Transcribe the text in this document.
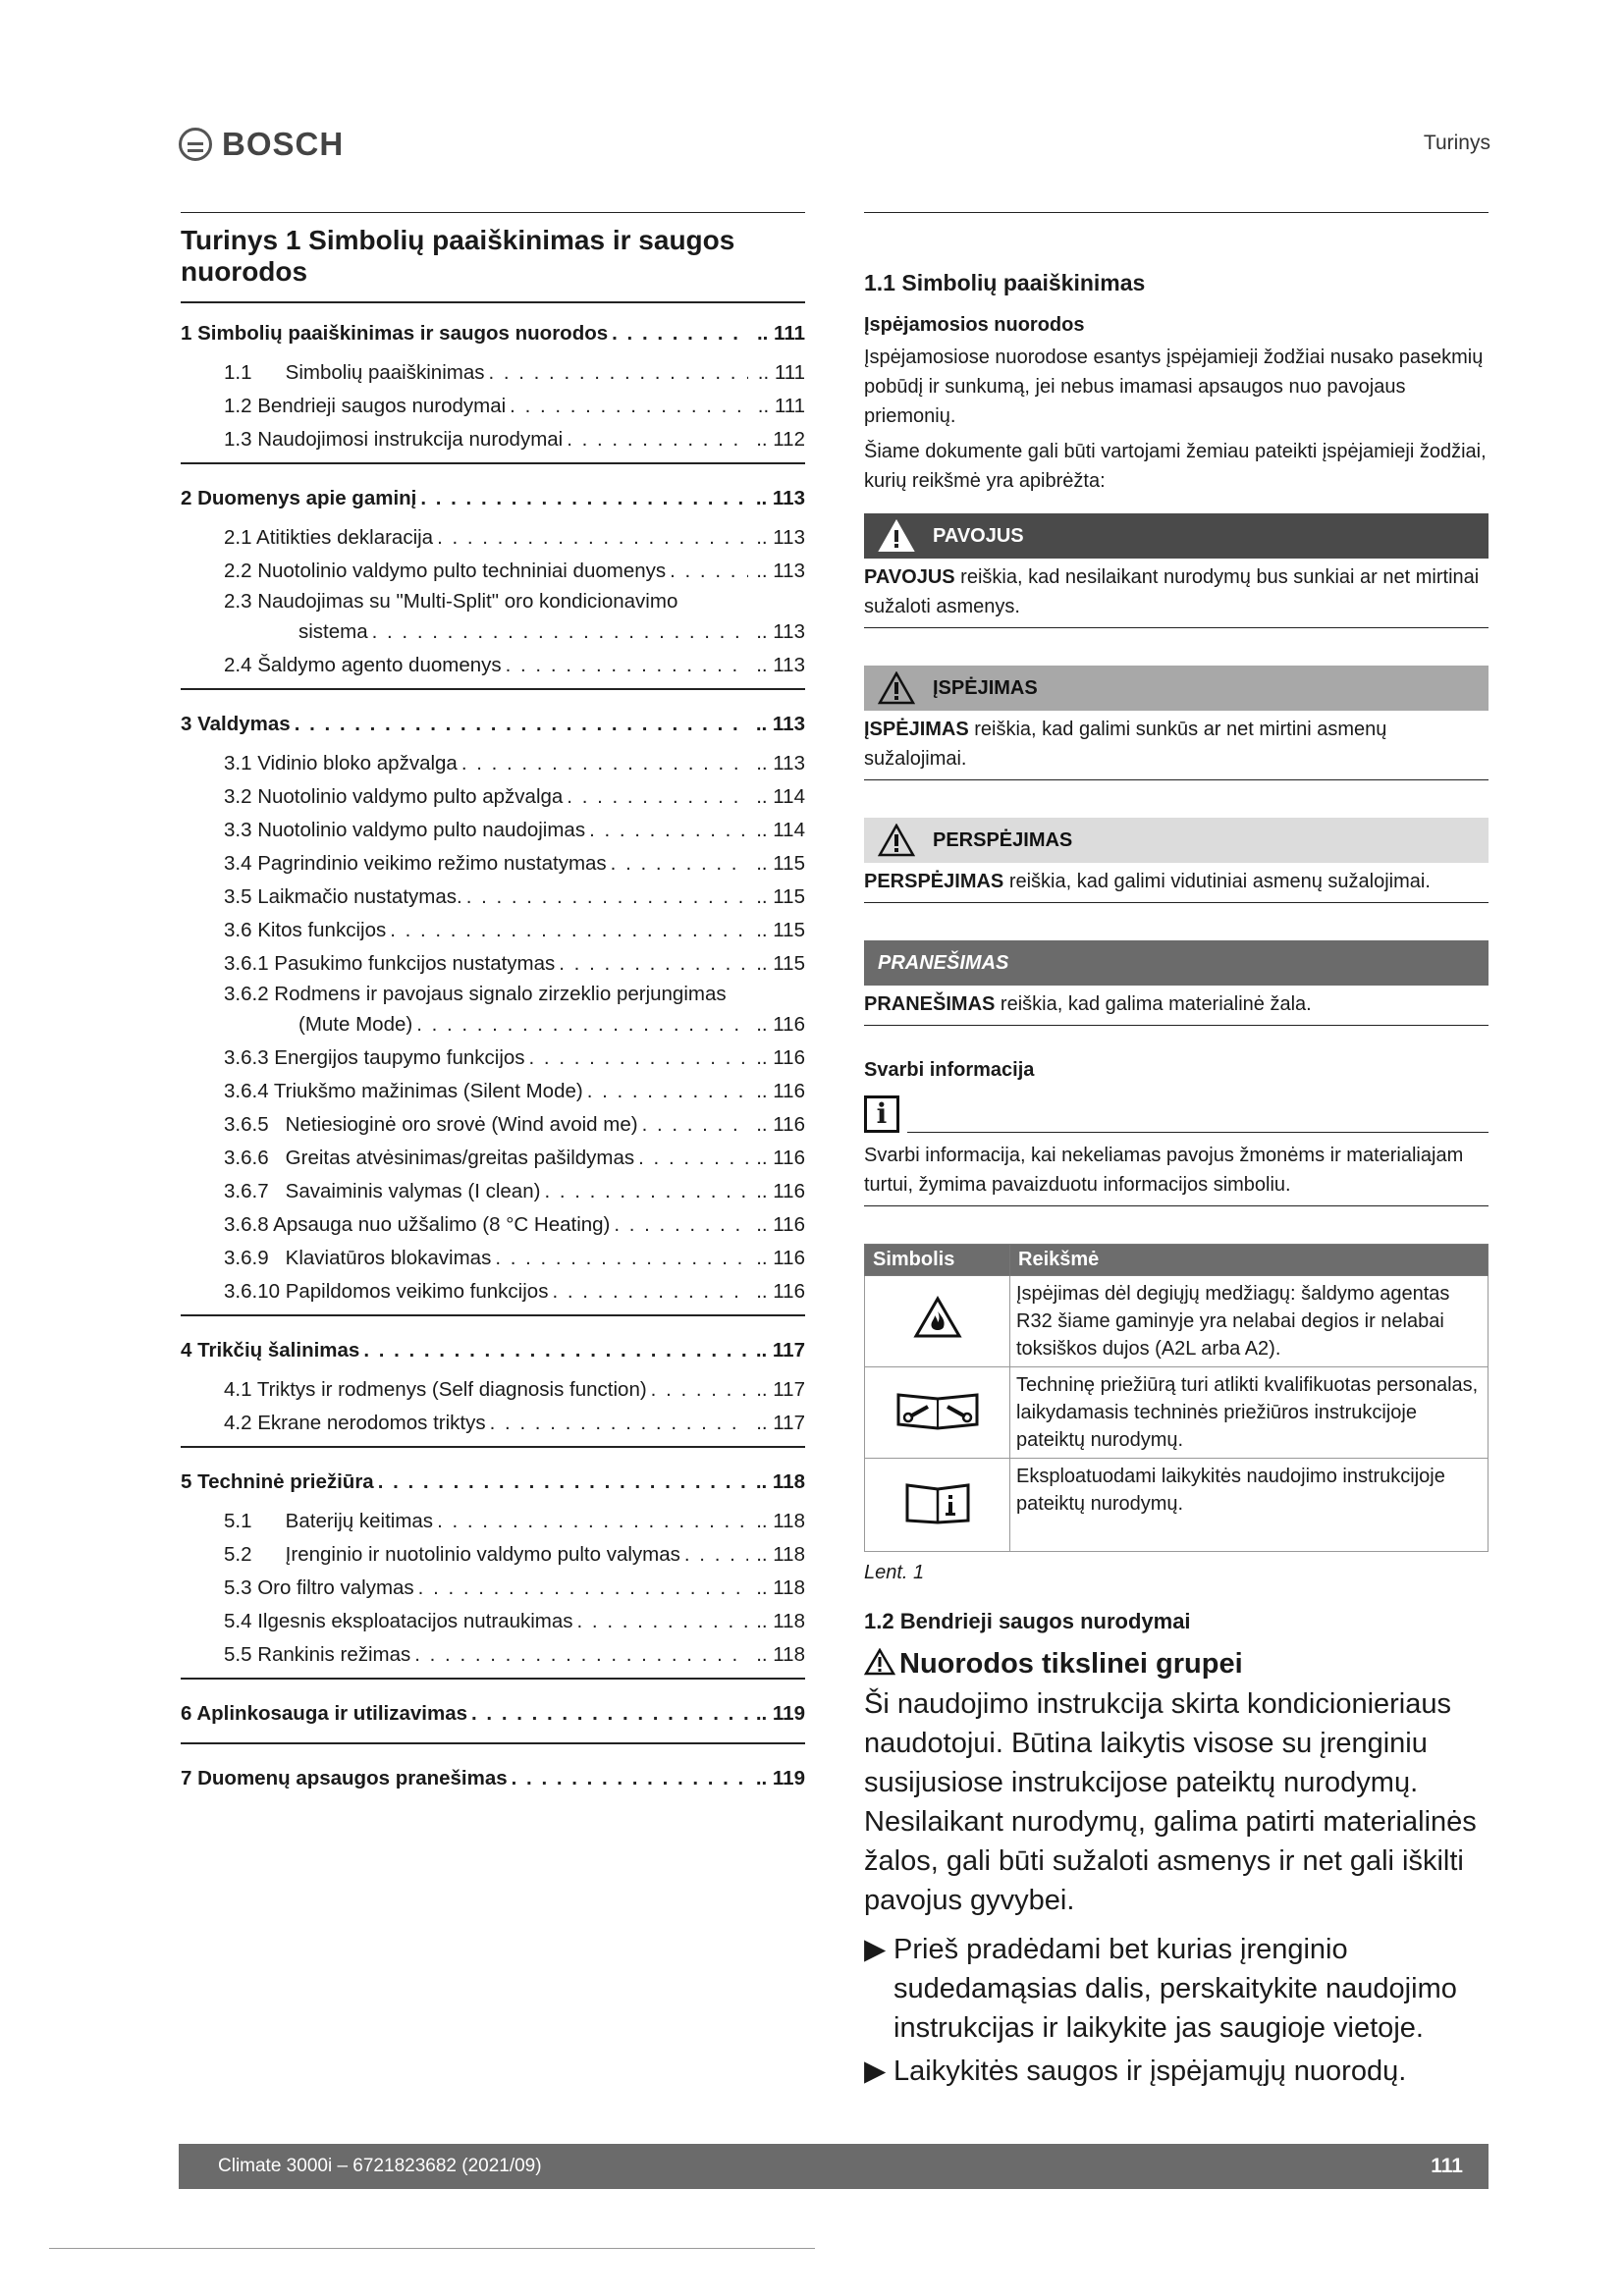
BOSCH	Turinys
Turinys 1 Simbolių paaiškinimas ir saugos nuorodos
1 Simbolių paaiškinimas ir saugos nuorodos . . .	.. 111
1.1      Simbolių paaiškinimas . . .	.. 111
1.2 Bendrieji saugos nurodymai . . .	.. 111
1.3 Naudojimosi instrukcija nurodymai . . .	.. 112
2 Duomenys apie gaminį . . .	.. 113
2.1 Atitikties deklaracija . . .	.. 113
2.2 Nuotolinio valdymo pulto techniniai duomenys . . .	.. 113
2.3 Naudojimas su "Multi-Split" oro kondicionavimo
sistema . . .	.. 113
2.4 Šaldymo agento duomenys . . .	.. 113
3 Valdymas . . .	.. 113
3.1 Vidinio bloko apžvalga . . .	.. 113
3.2 Nuotolinio valdymo pulto apžvalga . . .	.. 114
3.3 Nuotolinio valdymo pulto naudojimas . . .	.. 114
3.4 Pagrindinio veikimo režimo nustatymas . . .	.. 115
3.5 Laikmačio nustatymas. . . .	.. 115
3.6 Kitos funkcijos . . .	.. 115
3.6.1 Pasukimo funkcijos nustatymas . . .	.. 115
3.6.2 Rodmens ir pavojaus signalo zirzeklio perjungimas
(Mute Mode) . . .	.. 116
3.6.3 Energijos taupymo funkcijos . . .	.. 116
3.6.4 Triukšmo mažinimas (Silent Mode) . . .	.. 116
3.6.5   Netiesioginė oro srovė (Wind avoid me) . . .	.. 116
3.6.6   Greitas atvėsinimas/greitas pašildymas . . .	.. 116
3.6.7   Savaiminis valymas (I clean) . . .	.. 116
3.6.8 Apsauga nuo užšalimo (8 °C Heating) . . .	.. 116
3.6.9   Klaviatūros blokavimas . . .	.. 116
3.6.10 Papildomos veikimo funkcijos . . .	.. 116
4 Trikčių šalinimas . . .	.. 117
4.1 Triktys ir rodmenys (Self diagnosis function) . . .	.. 117
4.2 Ekrane nerodomos triktys . . .	.. 117
5 Techninė priežiūra . . .	.. 118
5.1      Baterijų keitimas . . .	.. 118
5.2      Įrenginio ir nuotolinio valdymo pulto valymas . . .	.. 118
5.3 Oro filtro valymas . . .	.. 118
5.4 Ilgesnis eksploatacijos nutraukimas . . .	.. 118
5.5 Rankinis režimas . . .	.. 118
6 Aplinkosauga ir utilizavimas . . .	.. 119
7 Duomenų apsaugos pranešimas . . .	.. 119
1.1 Simbolių paaiškinimas
Įspėjamosios nuorodos
Įspėjamosiose nuorodose esantys įspėjamieji žodžiai nusako pasekmių pobūdį ir sunkumą, jei nebus imamasi apsaugos nuo pavojaus priemonių.
Šiame dokumente gali būti vartojami žemiau pateikti įspėjamieji žodžiai, kurių reikšmė yra apibrėžta:
PAVOJUS
PAVOJUS reiškia, kad nesilaikant nurodymų bus sunkiai ar net mirtinai sužaloti asmenys.
ĮSPĖJIMAS
ĮSPĖJIMAS reiškia, kad galimi sunkūs ar net mirtini asmenų sužalojimai.
PERSPĖJIMAS
PERSPĖJIMAS reiškia, kad galimi vidutiniai asmenų sužalojimai.
PRANEŠIMAS
PRANEŠIMAS reiškia, kad galima materialinė žala.
Svarbi informacija
i
Svarbi informacija, kai nekeliamas pavojus žmonėms ir materialiajam turtui, žymima pavaizduotu informacijos simboliu.
Simbolis	Reikšmė
	Įspėjimas dėl degiųjų medžiagų: šaldymo agentas R32 šiame gaminyje yra nelabai degios ir nelabai toksiškos dujos (A2L arba A2).
	Techninę priežiūrą turi atlikti kvalifikuotas personalas, laikydamasis techninės priežiūros instrukcijoje pateiktų nurodymų.
	Eksploatuodami laikykitės naudojimo instrukcijoje pateiktų nurodymų.
Lent. 1
1.2 Bendrieji saugos nurodymai
Nuorodos tikslinei grupei
Ši naudojimo instrukcija skirta kondicionieriaus naudotojui. Būtina laikytis visose su įrenginiu susijusiose instrukcijose pateiktų nurodymų. Nesilaikant nurodymų, galima patirti materialinės žalos, gali būti sužaloti asmenys ir net gali iškilti pavojus gyvybei.
▶ Prieš pradėdami bet kurias įrenginio sudedamąsias dalis, perskaitykite naudojimo instrukcijas ir laikykite jas saugioje vietoje.
▶ Laikykitės saugos ir įspėjamųjų nuorodų.
Climate 3000i – 6721823682 (2021/09)	111
